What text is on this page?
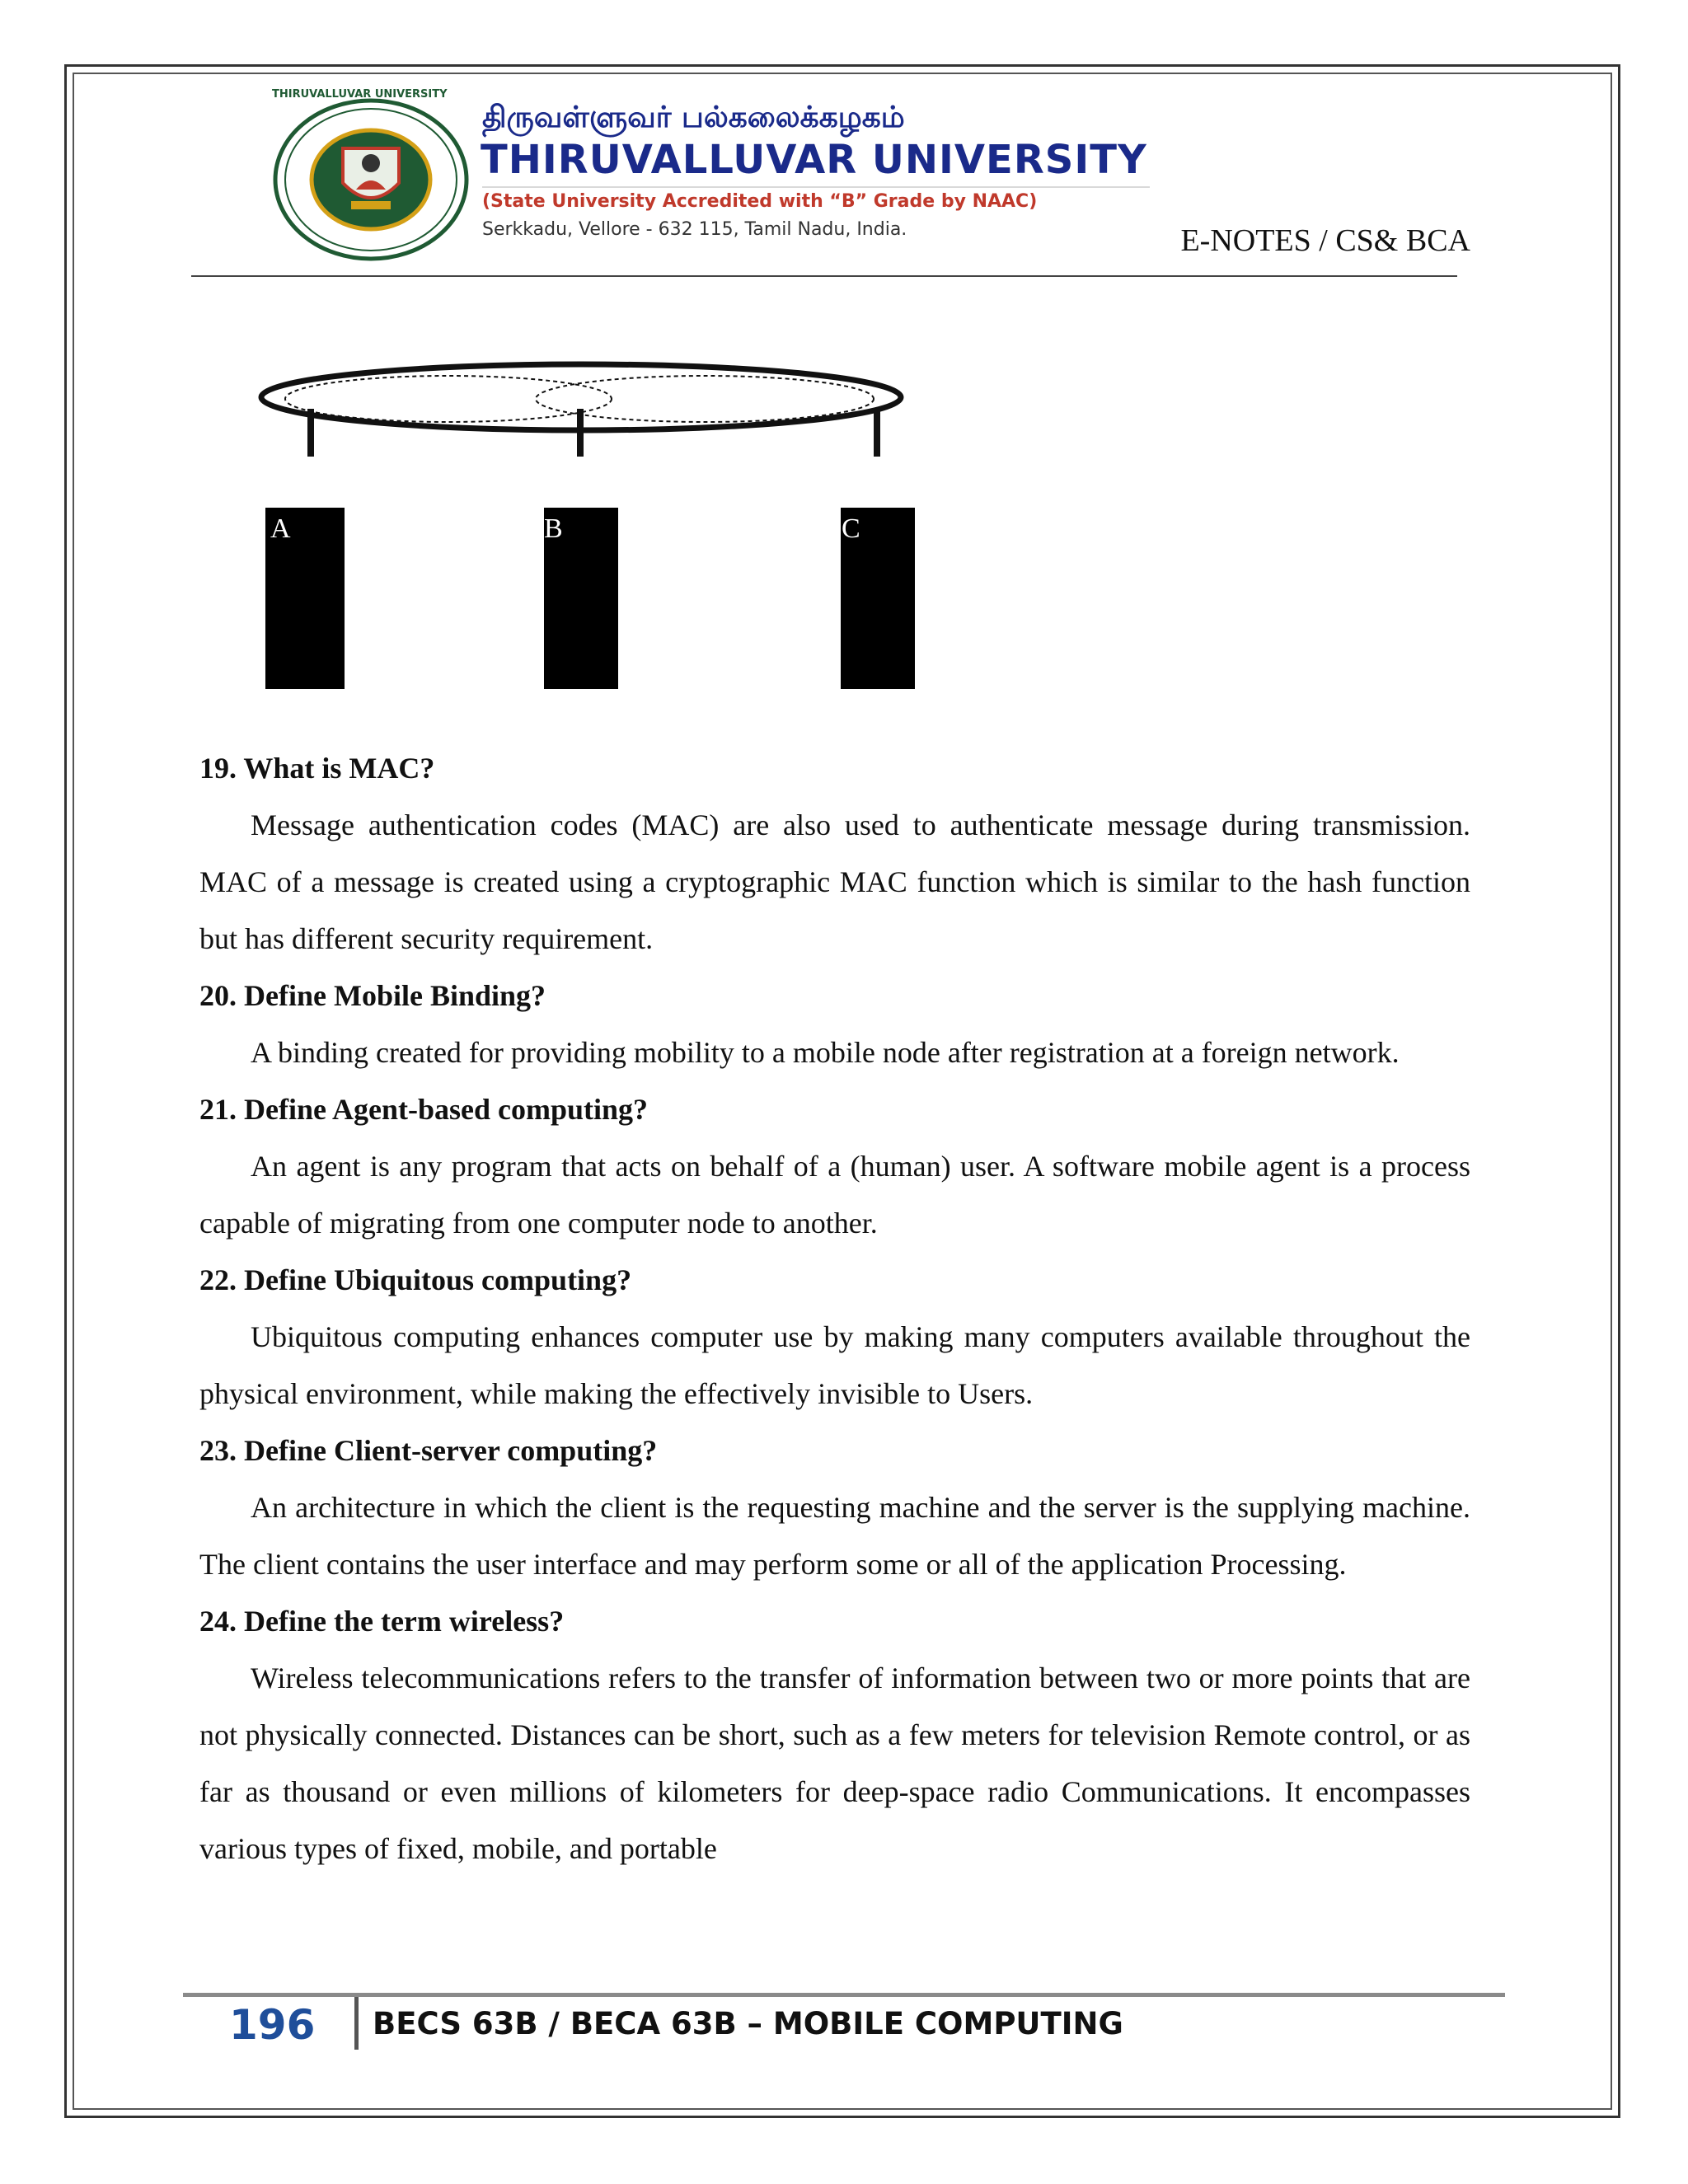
THIRUVALLUVAR UNIVERSITY
திருவள்ளுவர் பல்கலைக்கழகம்
THIRUVALLUVAR UNIVERSITY
(State University Accredited with “B” Grade by NAAC)
Serkkadu, Vellore - 632 115, Tamil Nadu, India.	E-NOTES / CS& BCA
A	B	C

19. What is MAC?

Message authentication codes (MAC) are also used to authenticate message during transmission. MAC of a message is created using a cryptographic MAC function which is similar to the hash function but has different security requirement.

20. Define Mobile Binding?

A binding created for providing mobility to a mobile node after registration at a foreign network.

21. Define Agent-based computing?

An agent is any program that acts on behalf of a (human) user. A software mobile agent is a process capable of migrating from one computer node to another.

22. Define Ubiquitous computing?

Ubiquitous computing enhances computer use by making many computers available throughout the physical environment, while making the effectively invisible to Users.

23. Define Client-server computing?

An architecture in which the client is the requesting machine and the server is the supplying machine. The client contains the user interface and may perform some or all of the application Processing.

24. Define the term wireless?

Wireless telecommunications refers to the transfer of information between two or more points that are not physically connected. Distances can be short, such as a few meters for television Remote control, or as far as thousand or even millions of kilometers for deep-space radio Communications. It encompasses various types of fixed, mobile, and portable

196 BECS 63B / BECA 63B – MOBILE COMPUTING
